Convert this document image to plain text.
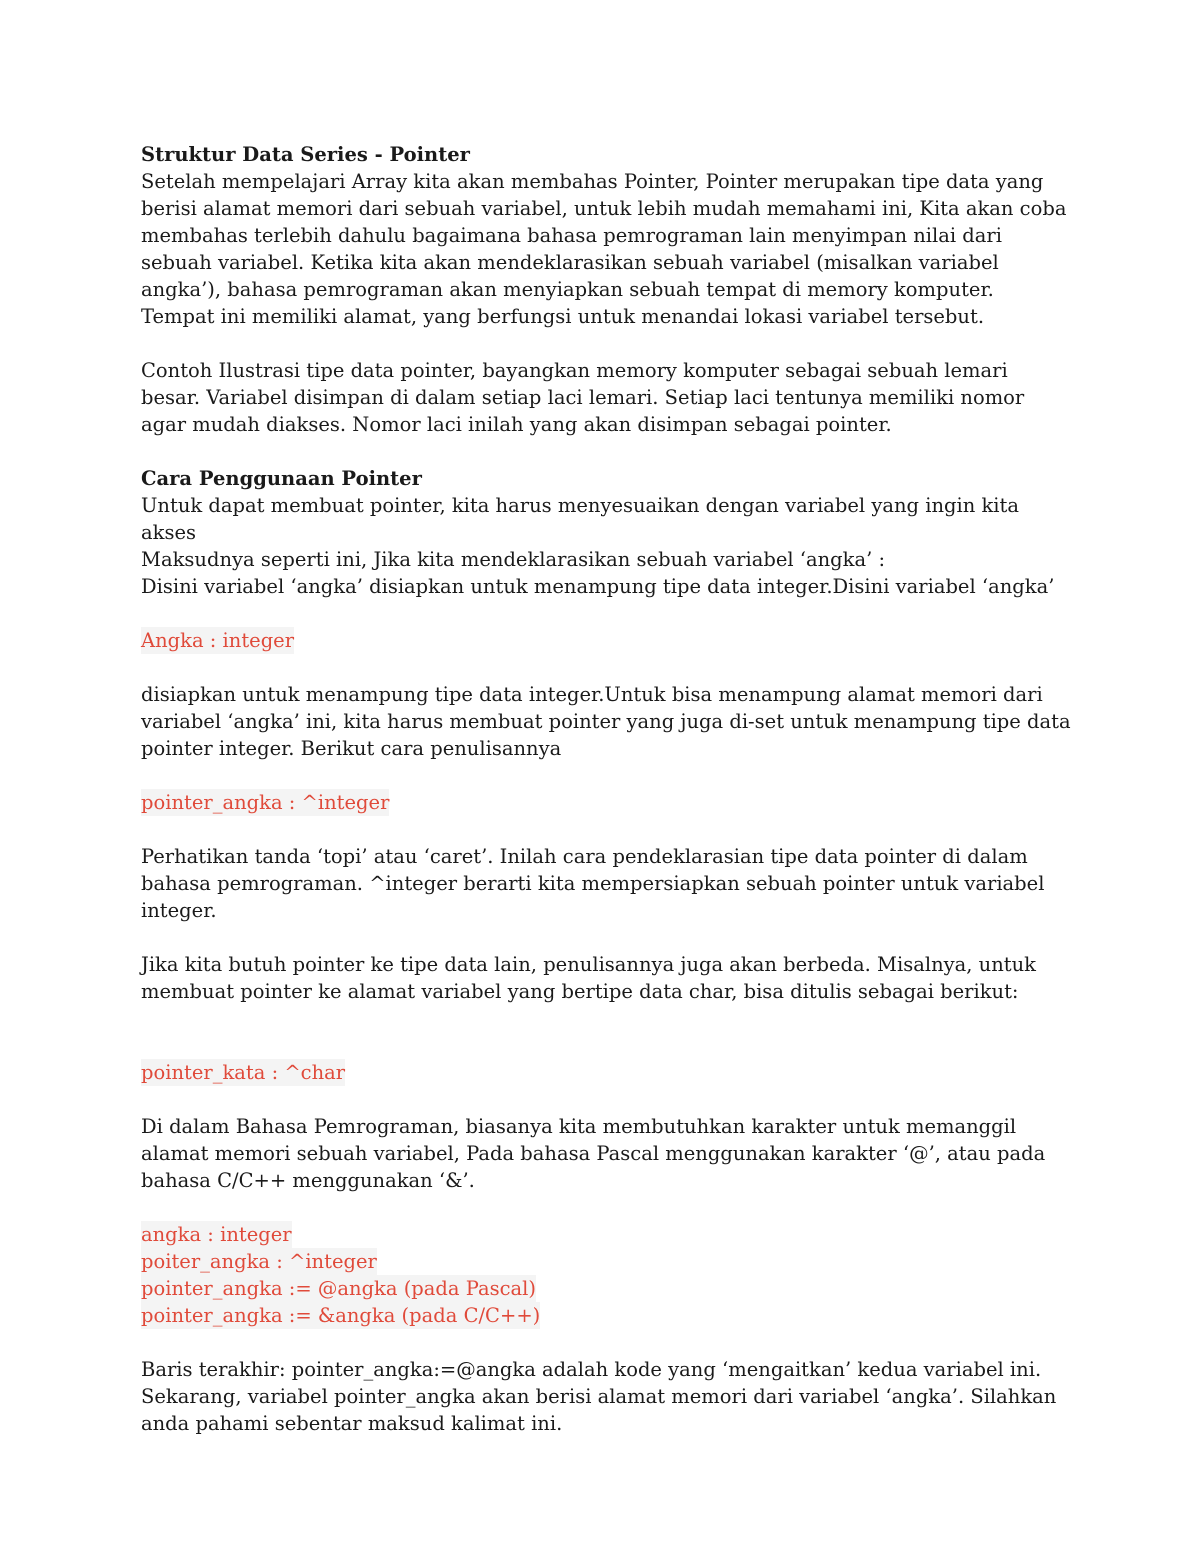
Struktur Data Series - Pointer

Setelah mempelajari Array kita akan membahas Pointer, Pointer merupakan tipe data yang berisi alamat memori dari sebuah variabel, untuk lebih mudah memahami ini, Kita akan coba membahas terlebih dahulu bagaimana bahasa pemrograman lain menyimpan nilai dari sebuah variabel. Ketika kita akan mendeklarasikan sebuah variabel (misalkan variabel angka’), bahasa pemrograman akan menyiapkan sebuah tempat di memory komputer. Tempat ini memiliki alamat, yang berfungsi untuk menandai lokasi variabel tersebut.

Contoh Ilustrasi tipe data pointer, bayangkan memory komputer sebagai sebuah lemari besar. Variabel disimpan di dalam setiap laci lemari. Setiap laci tentunya memiliki nomor agar mudah diakses. Nomor laci inilah yang akan disimpan sebagai pointer.

Cara Penggunaan Pointer

Untuk dapat membuat pointer, kita harus menyesuaikan dengan variabel yang ingin kita akses

Maksudnya seperti ini, Jika kita mendeklarasikan sebuah variabel ‘angka’ :

Disini variabel ‘angka’ disiapkan untuk menampung tipe data integer.Disini variabel ‘angka’

Angka : integer

disiapkan untuk menampung tipe data integer.Untuk bisa menampung alamat memori dari variabel ‘angka’ ini, kita harus membuat pointer yang juga di-set untuk menampung tipe data pointer integer. Berikut cara penulisannya

pointer_angka : ^integer

Perhatikan tanda ‘topi’ atau ‘caret’. Inilah cara pendeklarasian tipe data pointer di dalam bahasa pemrograman. ^integer berarti kita mempersiapkan sebuah pointer untuk variabel integer.

Jika kita butuh pointer ke tipe data lain, penulisannya juga akan berbeda. Misalnya, untuk membuat pointer ke alamat variabel yang bertipe data char, bisa ditulis sebagai berikut:

pointer_kata : ^char

Di dalam Bahasa Pemrograman, biasanya kita membutuhkan karakter untuk memanggil alamat memori sebuah variabel, Pada bahasa Pascal menggunakan karakter ‘@’, atau pada bahasa C/C++ menggunakan ‘&’.

angka : integer

poiter_angka : ^integer

pointer_angka := @angka (pada Pascal)

pointer_angka := &angka (pada C/C++)

Baris terakhir: pointer_angka:=@angka adalah kode yang ‘mengaitkan’ kedua variabel ini. Sekarang, variabel pointer_angka akan berisi alamat memori dari variabel ‘angka’. Silahkan anda pahami sebentar maksud kalimat ini.
